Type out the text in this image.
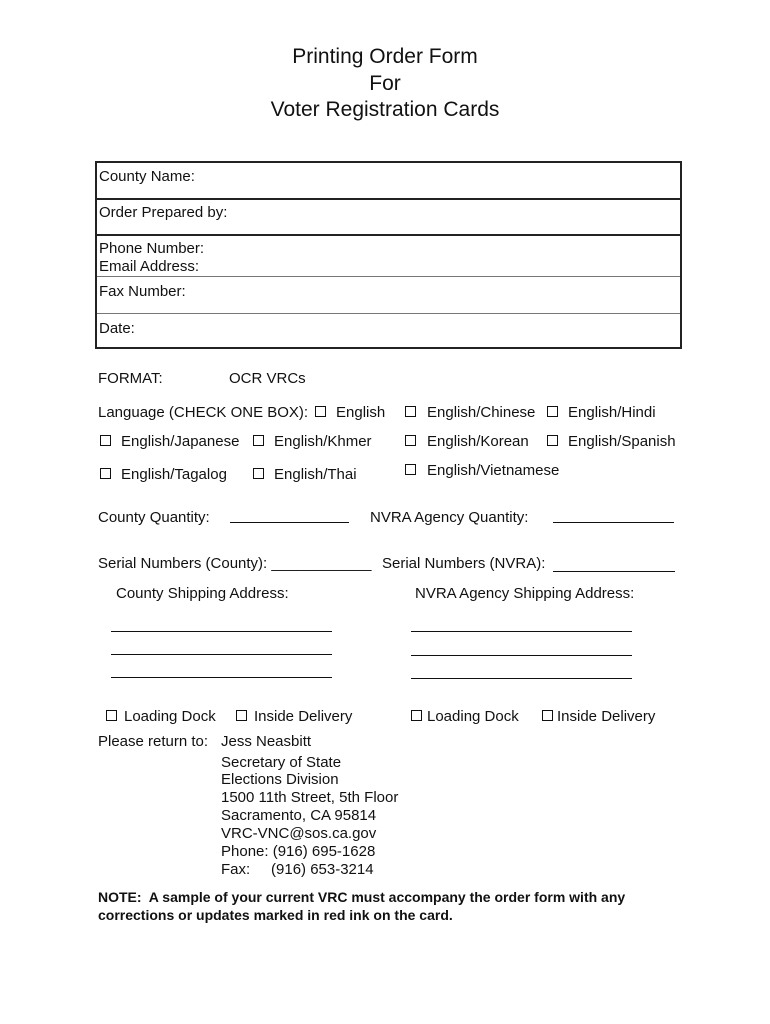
Printing Order Form
For
Voter Registration Cards
County Name:
Order Prepared by:
Phone Number:
Email Address:
Fax Number:
Date:
FORMAT:	OCR VRCs
Language (CHECK ONE BOX): English	English/Chinese English/Hindi
English/Japanese English/Khmer	English/Korean	English/Spanish
English/Tagalog	English/Thai	English/Vietnamese
County Quantity:	NVRA Agency Quantity:
Serial Numbers (County): ____________ Serial Numbers (NVRA):
County Shipping Address:	NVRA Agency Shipping Address:
Loading Dock	Inside Delivery	Loading Dock	Inside Delivery
Please return to: Jess Neasbitt
Secretary of State
Elections Division
1500 11th Street, 5th Floor
Sacramento, CA 95814
VRC-VNC@sos.ca.gov
Phone: (916) 695-1628
Fax:     (916) 653-3214
NOTE:  A sample of your current VRC must accompany the order form with any
corrections or updates marked in red ink on the card.
